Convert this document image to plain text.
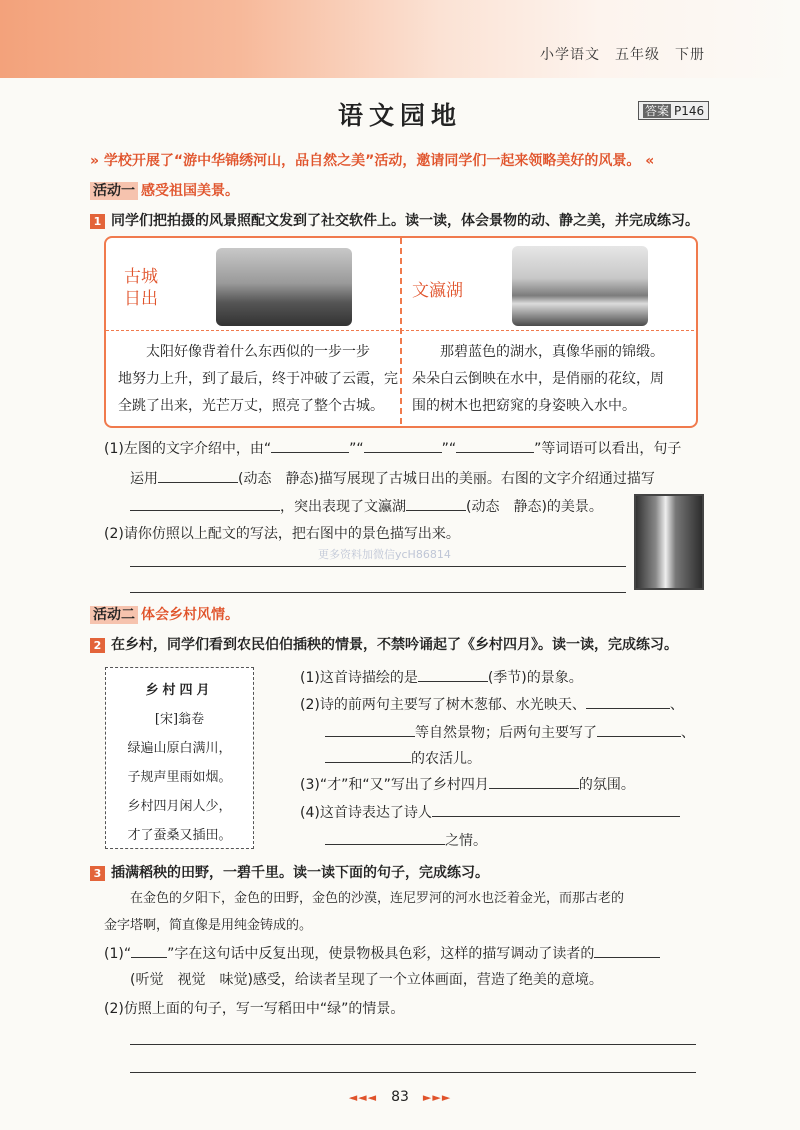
小学语文　五年级　下册
语文园地	答案 P146
» 学校开展了“游中华锦绣河山，品自然之美”活动，邀请同学们一起来领略美好的风景。 «
活动一 感受祖国美景。
1 同学们把拍摄的风景照配文发到了社交软件上。读一读，体会景物的动、静之美，并完成练习。
古城
日出	文瀛湖
　　太阳好像背着什么东西似的一步一步
地努力上升，到了最后，终于冲破了云霞，完
全跳了出来，光芒万丈，照亮了整个古城。
　　那碧蓝色的湖水，真像华丽的锦缎。
朵朵白云倒映在水中，是俏丽的花纹，周
围的树木也把窈窕的身姿映入水中。
(1)左图的文字介绍中，由“	”“	”“	”等词语可以看出，句子
运用	(动态　静态)描写展现了古城日出的美丽。右图的文字介绍通过描写
，突出表现了文瀛湖	(动态　静态)的美景。
(2)请你仿照以上配文的写法，把右图中的景色描写出来。
更多资料加微信ycH86814
活动二 体会乡村风情。
2 在乡村，同学们看到农民伯伯插秧的情景，不禁吟诵起了《乡村四月》。读一读，完成练习。
乡村四月
[宋]翁卷
绿遍山原白满川，
子规声里雨如烟。
乡村四月闲人少，
才了蚕桑又插田。
(1)这首诗描绘的是	(季节)的景象。
(2)诗的前两句主要写了树木葱郁、水光映天、	、
等自然景物；后两句主要写了	、
的农活儿。
(3)“才”和“又”写出了乡村四月	的氛围。
(4)这首诗表达了诗人
之情。
3 插满稻秧的田野，一碧千里。读一读下面的句子，完成练习。
　　在金色的夕阳下，金色的田野，金色的沙漠，连尼罗河的河水也泛着金光，而那古老的
金字塔啊，简直像是用纯金铸成的。
(1)“	”字在这句话中反复出现，使景物极具色彩，这样的描写调动了读者的
(听觉　视觉　味觉)感受，给读者呈现了一个立体画面，营造了绝美的意境。
(2)仿照上面的句子，写一写稻田中“绿”的情景。
◄◄◄　 83　 ►►►
